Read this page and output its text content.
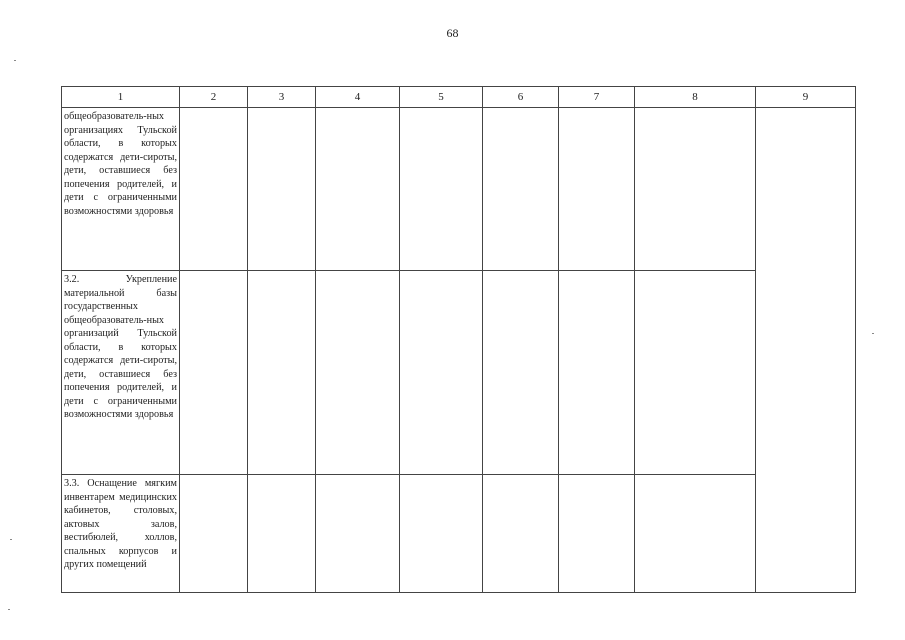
68
1	2	3	4	5	6	7	8	9
общеобразователь-ных организациях Тульской области, в которых содержатся дети-сироты, дети, оставшиеся без попечения родителей, и дети с ограниченными возможностями здоровья								
3.2. Укрепление материальной базы государственных общеобразователь-ных организаций Тульской области, в которых содержатся дети-сироты, дети, оставшиеся без попечения родителей, и дети с ограниченными возможностями здоровья								
3.3. Оснащение мягким инвентарем медицинских кабинетов, столовых, актовых залов, вестибюлей, холлов, спальных корпусов и других помещений								
